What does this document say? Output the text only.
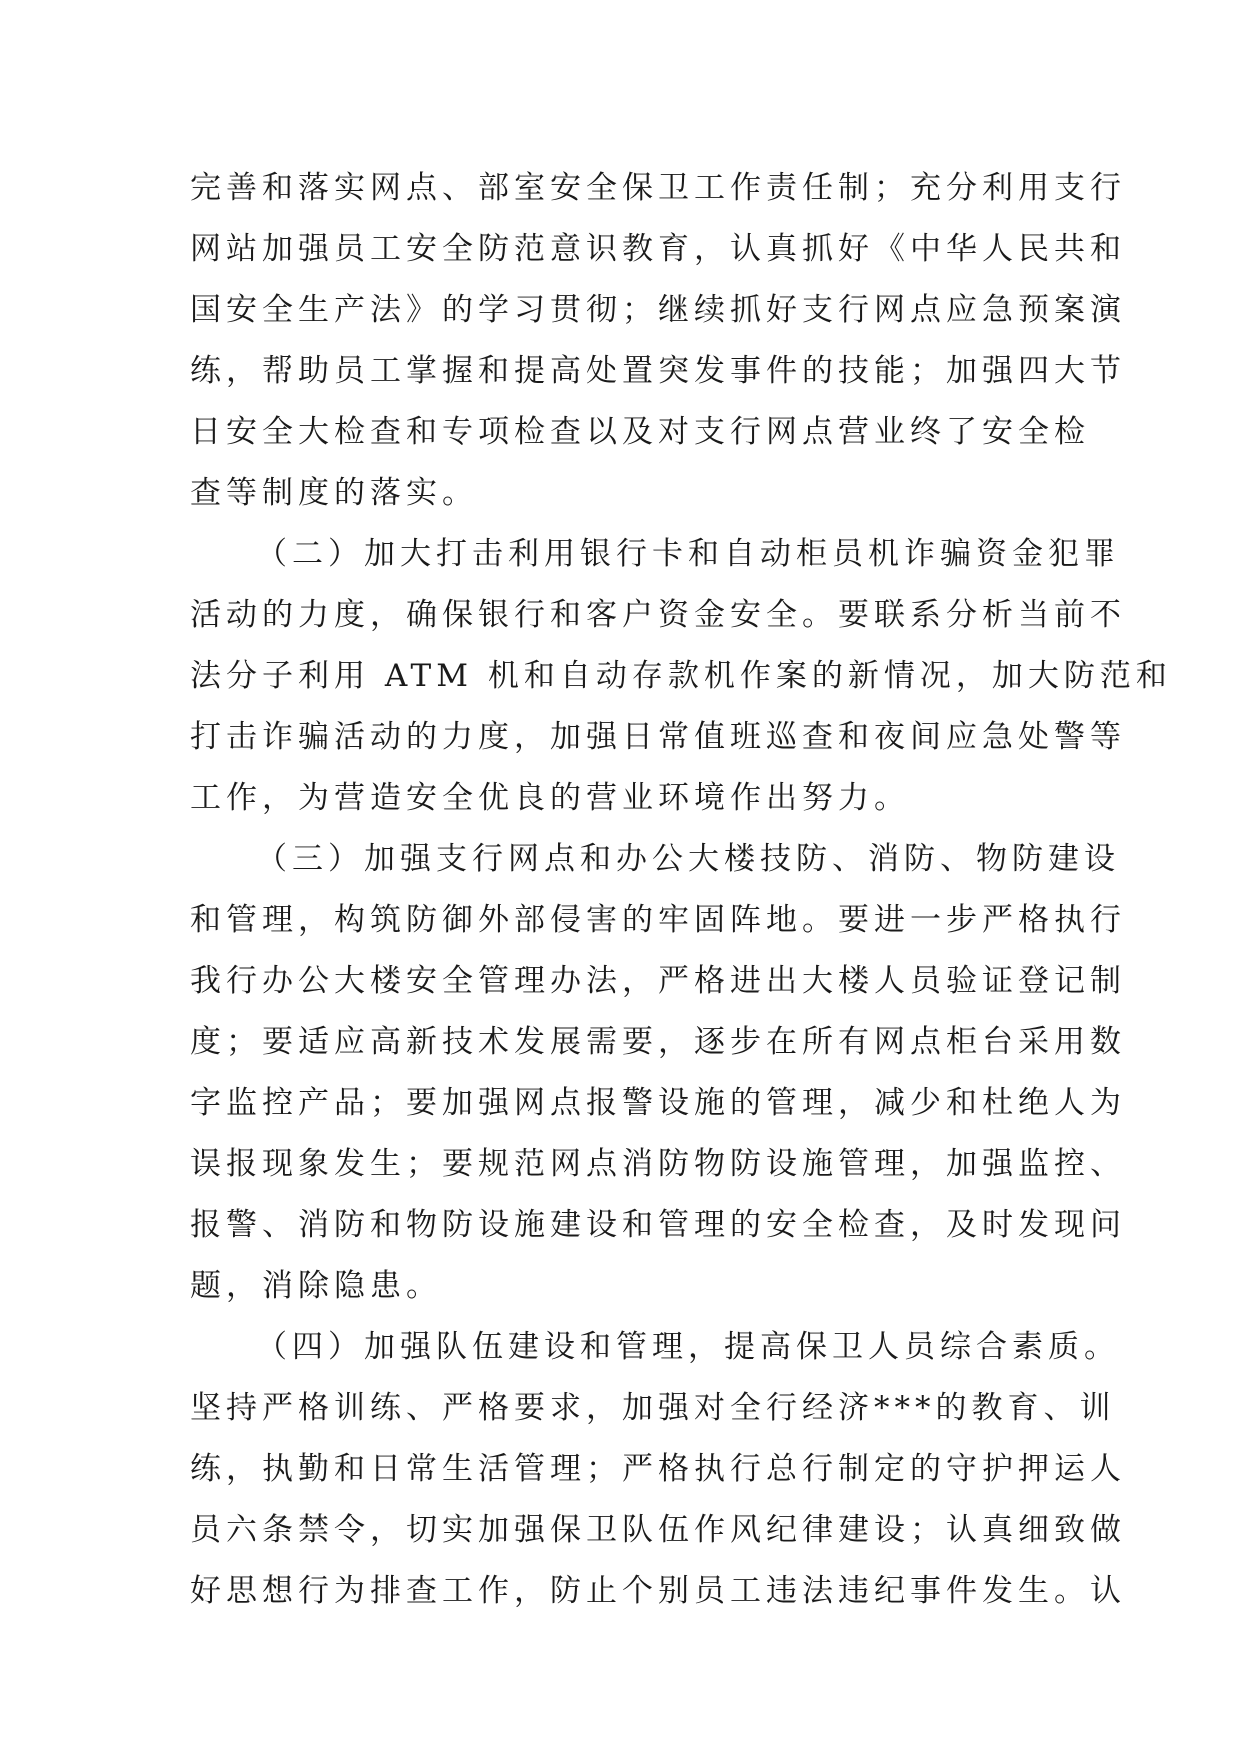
完善和落实网点、部室安全保卫工作责任制；充分利用支行
网站加强员工安全防范意识教育，认真抓好《中华人民共和
国安全生产法》的学习贯彻；继续抓好支行网点应急预案演
练，帮助员工掌握和提高处置突发事件的技能；加强四大节
日安全大检查和专项检查以及对支行网点营业终了安全检
查等制度的落实。
（二）加大打击利用银行卡和自动柜员机诈骗资金犯罪
活动的力度，确保银行和客户资金安全。要联系分析当前不
法分子利用 ATM 机和自动存款机作案的新情况，加大防范和
打击诈骗活动的力度，加强日常值班巡查和夜间应急处警等
工作，为营造安全优良的营业环境作出努力。
（三）加强支行网点和办公大楼技防、消防、物防建设
和管理，构筑防御外部侵害的牢固阵地。要进一步严格执行
我行办公大楼安全管理办法，严格进出大楼人员验证登记制
度；要适应高新技术发展需要，逐步在所有网点柜台采用数
字监控产品；要加强网点报警设施的管理，减少和杜绝人为
误报现象发生；要规范网点消防物防设施管理，加强监控、
报警、消防和物防设施建设和管理的安全检查，及时发现问
题，消除隐患。
（四）加强队伍建设和管理，提高保卫人员综合素质。
坚持严格训练、严格要求，加强对全行经济***的教育、训
练，执勤和日常生活管理；严格执行总行制定的守护押运人
员六条禁令，切实加强保卫队伍作风纪律建设；认真细致做
好思想行为排查工作，防止个别员工违法违纪事件发生。认
